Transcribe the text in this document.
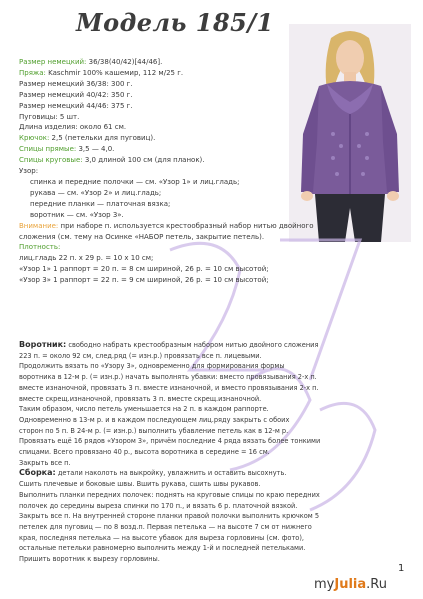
Модель 185/1
Размер немецкий: 36/38(40/42)[44/46].
Пряжа: Kaschmir 100% кашемир, 112 м/25 г.
Размер немецкий 36/38: 300 г.
Размер немецкий 40/42: 350 г.
Размер немецкий 44/46: 375 г.
Пуговицы: 5 шт.
Длина изделия: около 61 см.
Крючок: 2,5 (петельки для пуговиц).
Спицы прямые: 3,5 — 4,0.
Спицы круговые: 3,0 длиной 100 см (для планок).
Узор:
спинка и передние полочки — см. «Узор 1» и лиц.гладь;
рукава — см. «Узор 2» и лиц.гладь;
передние планки — платочная вязка;
воротник — см. «Узор 3».
Внимание: при наборе п. используется крестообразный набор нитью двойного
сложения (см. тему на Осинке «НАБОР петель, закрытие петель).
Плотность:
лиц.гладь 22 п. x 29 р. = 10 x 10 см;
«Узор 1» 1 раппорт = 20 п. = 8 см шириной, 26 р. = 10 см высотой;
«Узор 3» 1 раппорт = 22 п. = 9 см шириной, 26 р. = 10 см высотой;
Воротник: свободно набрать крестообразным набором нитью двойного сложения
223 п. = около 92 см, след.ряд (= изн.р.) провязать все п. лицевыми.
Продолжить вязать по «Узору 3», одновременно для формирования формы
воротника в 12-м р. (= изн.р.) начать выполнять убавки: вместо провязывания 2-х п.
вместе изнаночной, провязать 3 п. вместе изнаночной, и вместо провязывания 2-х п.
вместе скрещ.изнаночной, провязать 3 п. вместе скрещ.изнаночной.
Таким образом, число петель уменьшается на 2 п. в каждом раппорте.
Одновременно в 13-м р. и в каждом последующем лиц.ряду закрыть с обоих
сторон по 5 п. В 24-м р. (= изн.р.) выполнить убавление петель как в 12-м р.
Провязать ещё 16 рядов «Узором 3», причём последние 4 ряда вязать более тонкими
спицами. Всего провязано 40 р., высота воротника в середине = 16 см.
Закрыть все п.
Сборка: детали наколоть на выкройку, увлажнить и оставить высохнуть.
Сшить плечевые и боковые швы. Вшить рукава, сшить швы рукавов.
Выполнить планки передних полочек: поднять на круговые спицы по краю передних
полочек до середины выреза спинки по 170 п., и вязать 6 р. платочной вязкой.
Закрыть все п. На внутренней стороне планки правой полочки выполнить крючком 5
петелек для пуговиц — по 8 возд.п. Первая петелька — на высоте 7 см от нижнего
края, последняя петелька — на высоте убавок для выреза горловины (см. фото),
остальные петельки равномерно выполнить между 1-й и последней петельками.
Пришить воротник к вырезу горловины.
1
myJulia.Ru
